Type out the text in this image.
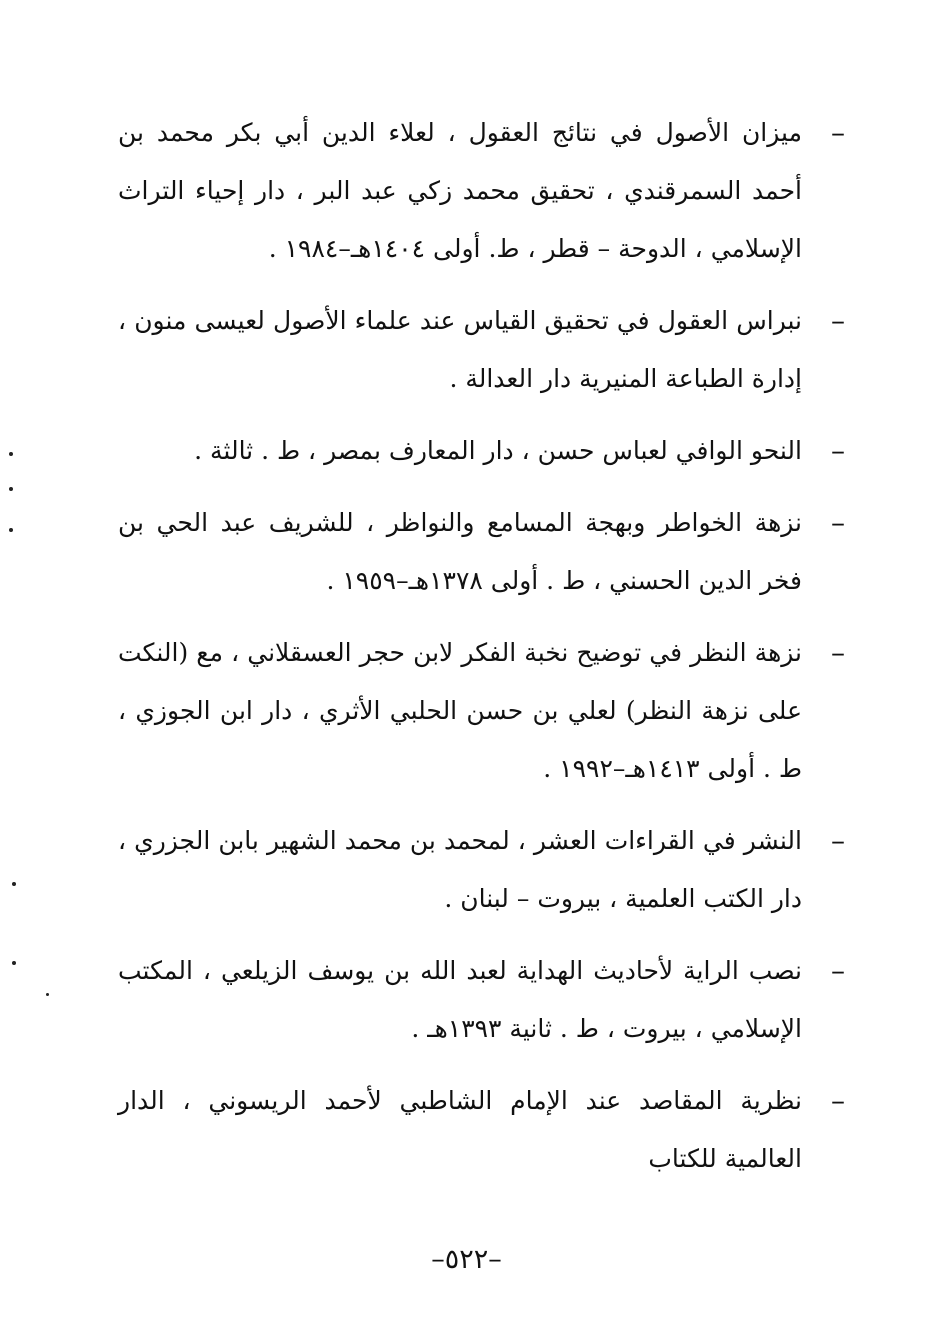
–
ميزان الأصول في نتائج العقول ، لعلاء الدين أبي بكر محمد بن أحمد السمرقندي ، تحقيق محمد زكي عبد البر ، دار إحياء التراث الإسلامي ، الدوحة – قطر ، ط. أولى ١٤٠٤هـ–١٩٨٤ .
–
نبراس العقول في تحقيق القياس عند علماء الأصول لعيسى منون ، إدارة الطباعة المنيرية دار العدالة .
–
النحو الوافي لعباس حسن ، دار المعارف بمصر ، ط . ثالثة .
–
نزهة الخواطر وبهجة المسامع والنواظر ، للشريف عبد الحي بن فخر الدين الحسني ، ط . أولى ١٣٧٨هـ–١٩٥٩ .
–
نزهة النظر في توضيح نخبة الفكر لابن حجر العسقلاني ، مع (النكت على نزهة النظر) لعلي بن حسن الحلبي الأثري ، دار ابن الجوزي ، ط . أولى ١٤١٣هـ–١٩٩٢ .
–
النشر في القراءات العشر ، لمحمد بن محمد الشهير بابن الجزري ، دار الكتب العلمية ، بيروت – لبنان .
–
نصب الراية لأحاديث الهداية لعبد الله بن يوسف الزيلعي ، المكتب الإسلامي ، بيروت ، ط . ثانية ١٣٩٣هـ .
–
نظرية المقاصد عند الإمام الشاطبي لأحمد الريسوني ، الدار العالمية للكتاب
–٥٢٢–
